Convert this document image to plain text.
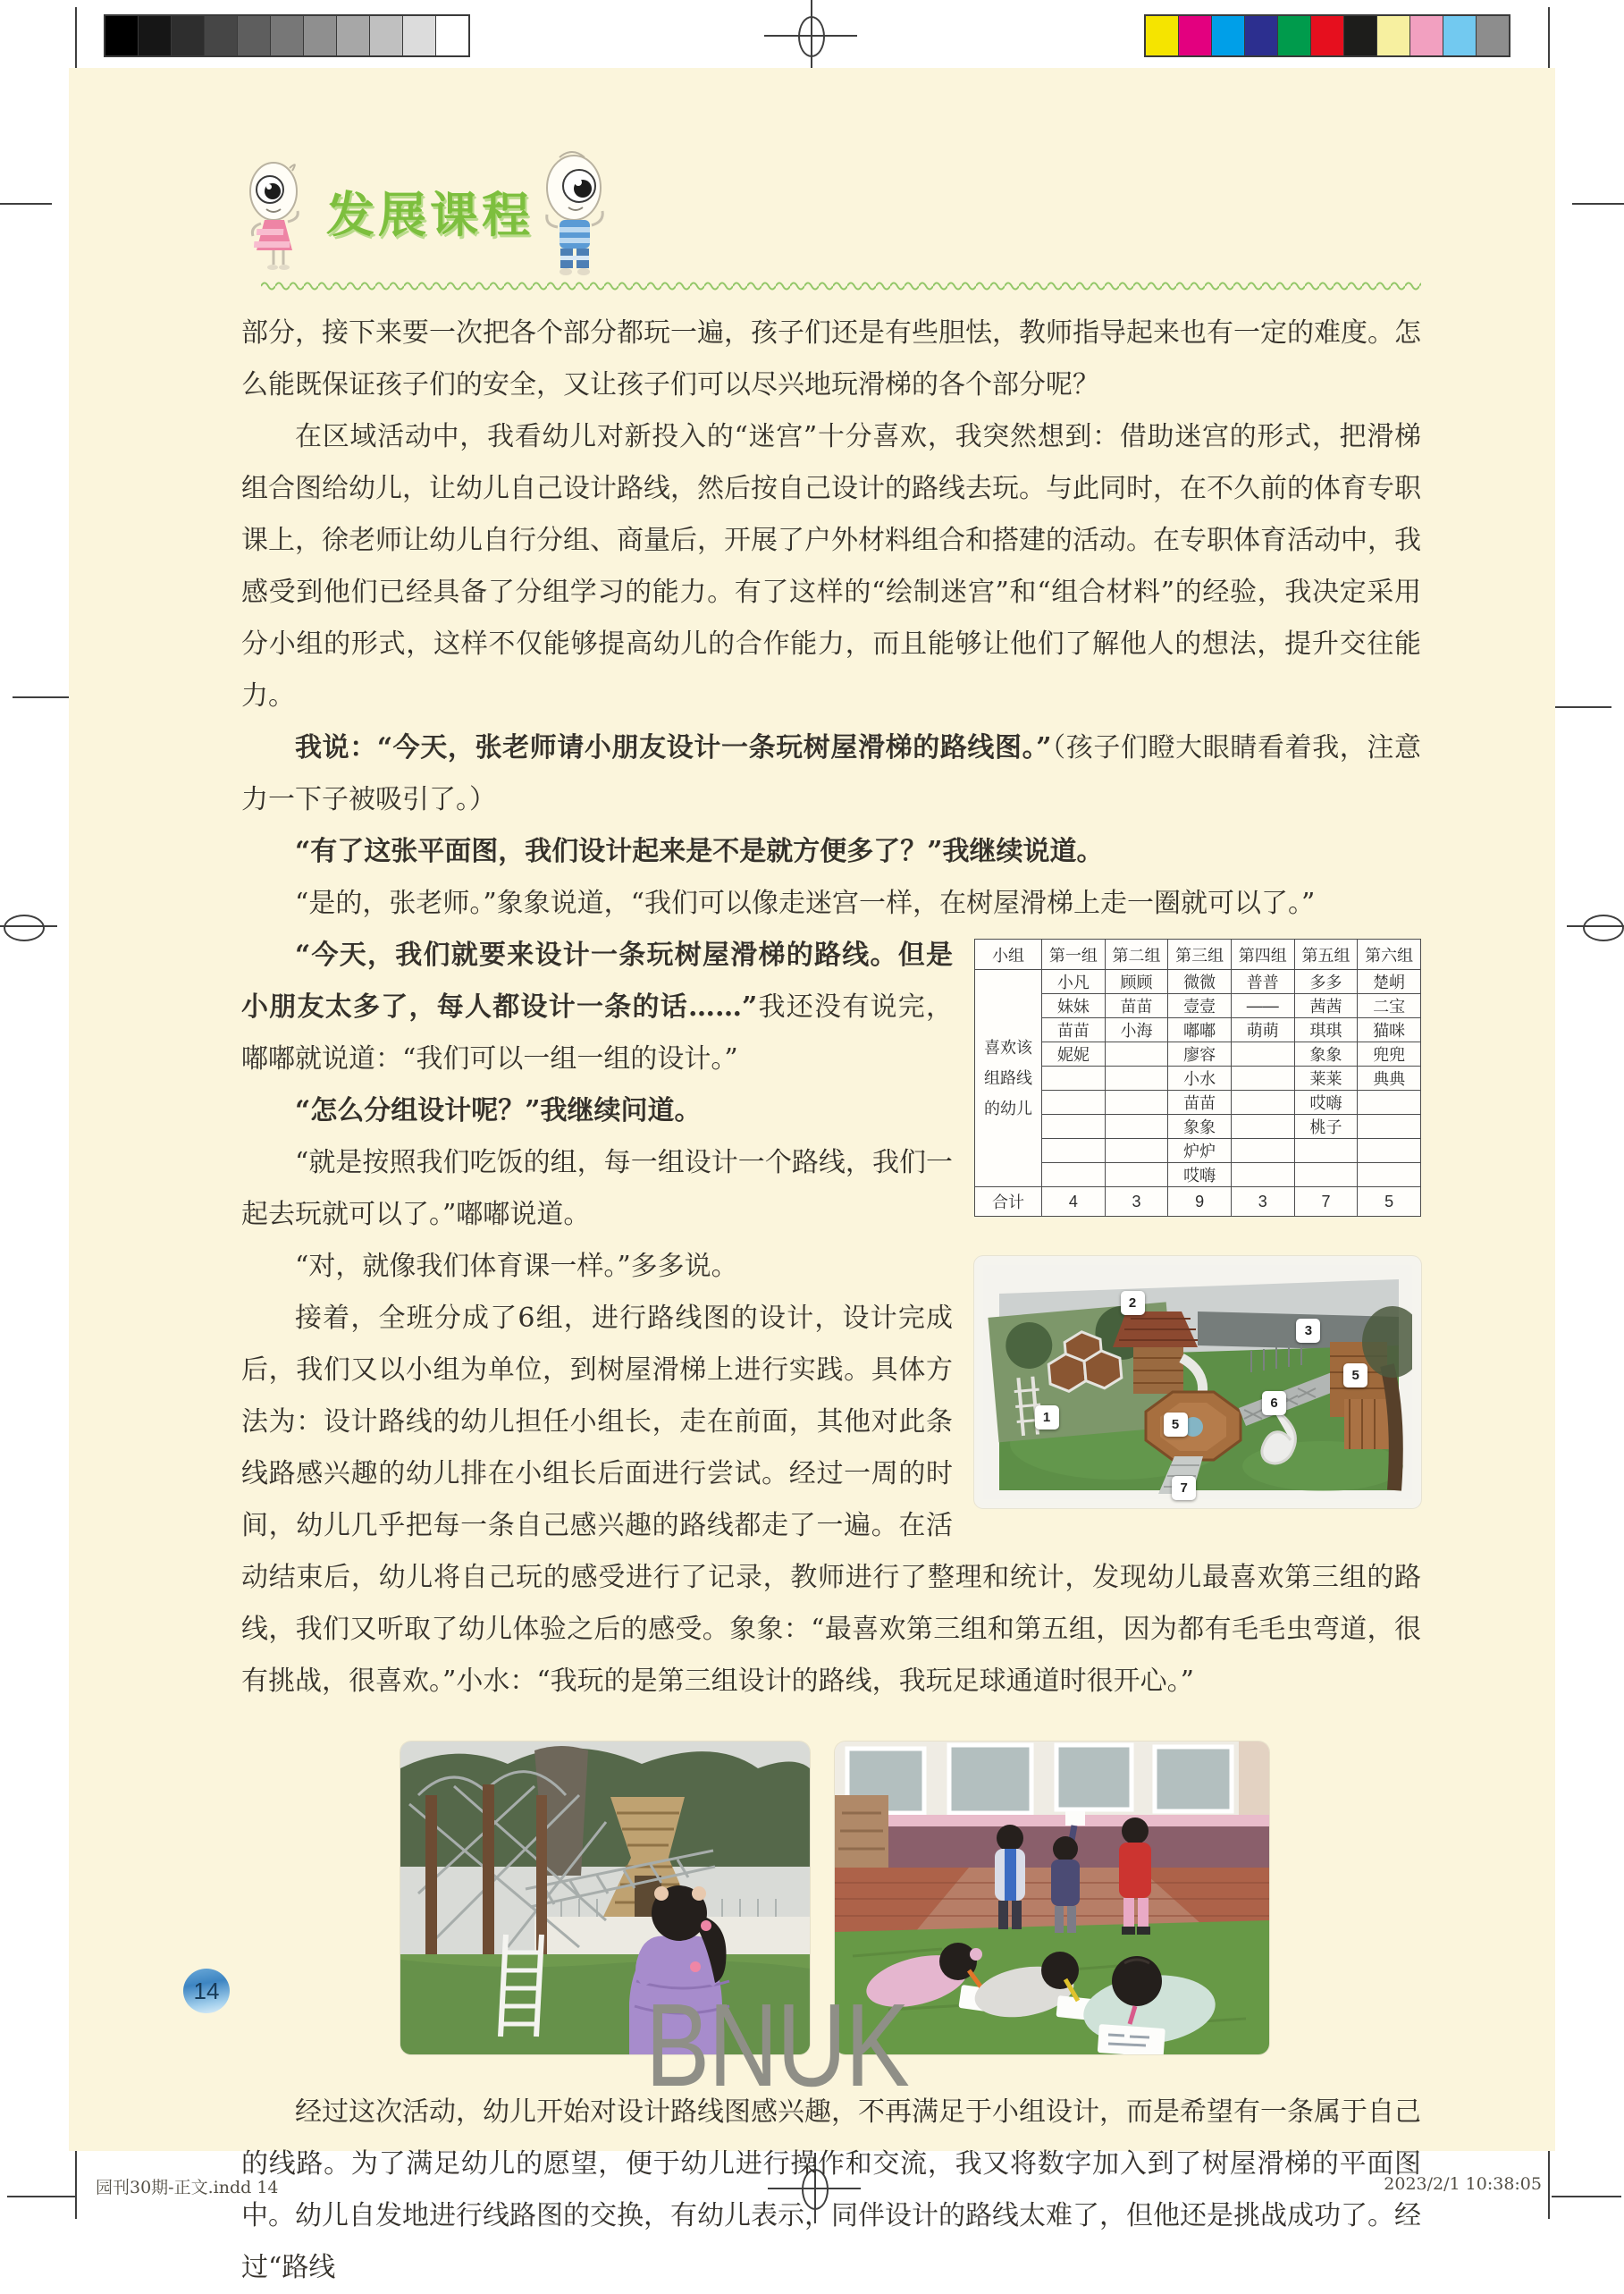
发展课程

部分，接下来要一次把各个部分都玩一遍，孩子们还是有些胆怯，教师指导起来也有一定的难度。怎么能既保证孩子们的安全，又让孩子们可以尽兴地玩滑梯的各个部分呢？

在区域活动中，我看幼儿对新投入的“迷宫”十分喜欢，我突然想到：借助迷宫的形式，把滑梯组合图给幼儿，让幼儿自己设计路线，然后按自己设计的路线去玩。与此同时，在不久前的体育专职课上，徐老师让幼儿自行分组、商量后，开展了户外材料组合和搭建的活动。在专职体育活动中，我感受到他们已经具备了分组学习的能力。有了这样的“绘制迷宫”和“组合材料”的经验，我决定采用分小组的形式，这样不仅能够提高幼儿的合作能力，而且能够让他们了解他人的想法，提升交往能力。

我说：“今天，张老师请小朋友设计一条玩树屋滑梯的路线图。”（孩子们瞪大眼睛看着我，注意力一下子被吸引了。）

“有了这张平面图，我们设计起来是不是就方便多了？”我继续说道。

“是的，张老师。”象象说道，“我们可以像走迷宫一样，在树屋滑梯上走一圈就可以了。”

小组	第一组	第二组	第三组	第四组	第五组	第六组
喜欢该
组路线
的幼儿	小凡	顾顾	微微	普普	多多	楚岄
	妹妹	苗苗	壹壹	——	茜茜	二宝
	苗苗	小海	嘟嘟	萌萌	琪琪	猫咪
	妮妮		廖容		象象	兜兜
			小水		莱莱	典典
			苗苗		哎嗨	
			象象		桃子	
			炉炉			
			哎嗨			
合计	4	3	9	3	7	5
2
3
1	5
6
5
7

“今天，我们就要来设计一条玩树屋滑梯的路线。但是小朋友太多了，每人都设计一条的话……”我还没有说完，嘟嘟就说道：“我们可以一组一组的设计。”

“怎么分组设计呢？”我继续问道。

“就是按照我们吃饭的组，每一组设计一个路线，我们一起去玩就可以了。”嘟嘟说道。

“对，就像我们体育课一样。”多多说。

接着，全班分成了6组，进行路线图的设计，设计完成后，我们又以小组为单位，到树屋滑梯上进行实践。具体方法为：设计路线的幼儿担任小组长，走在前面，其他对此条线路感兴趣的幼儿排在小组长后面进行尝试。经过一周的时间，幼儿几乎把每一条自己感兴趣的路线都走了一遍。在活动结束后，幼儿将自己玩的感受进行了记录，教师进行了整理和统计，发现幼儿最喜欢第三组的路线，我们又听取了幼儿体验之后的感受。象象：“最喜欢第三组和第五组，因为都有毛毛虫弯道，很有挑战，很喜欢。”小水：“我玩的是第三组设计的路线，我玩足球通道时很开心。”

经过这次活动，幼儿开始对设计路线图感兴趣，不再满足于小组设计，而是希望有一条属于自己的线路。为了满足幼儿的愿望，便于幼儿进行操作和交流，我又将数字加入到了树屋滑梯的平面图中。幼儿自发地进行线路图的交换，有幼儿表示，同伴设计的路线太难了，但他还是挑战成功了。经过“路线

14	BNUK
园刊30期-正文.indd 14	2023/2/1 10:38:05
